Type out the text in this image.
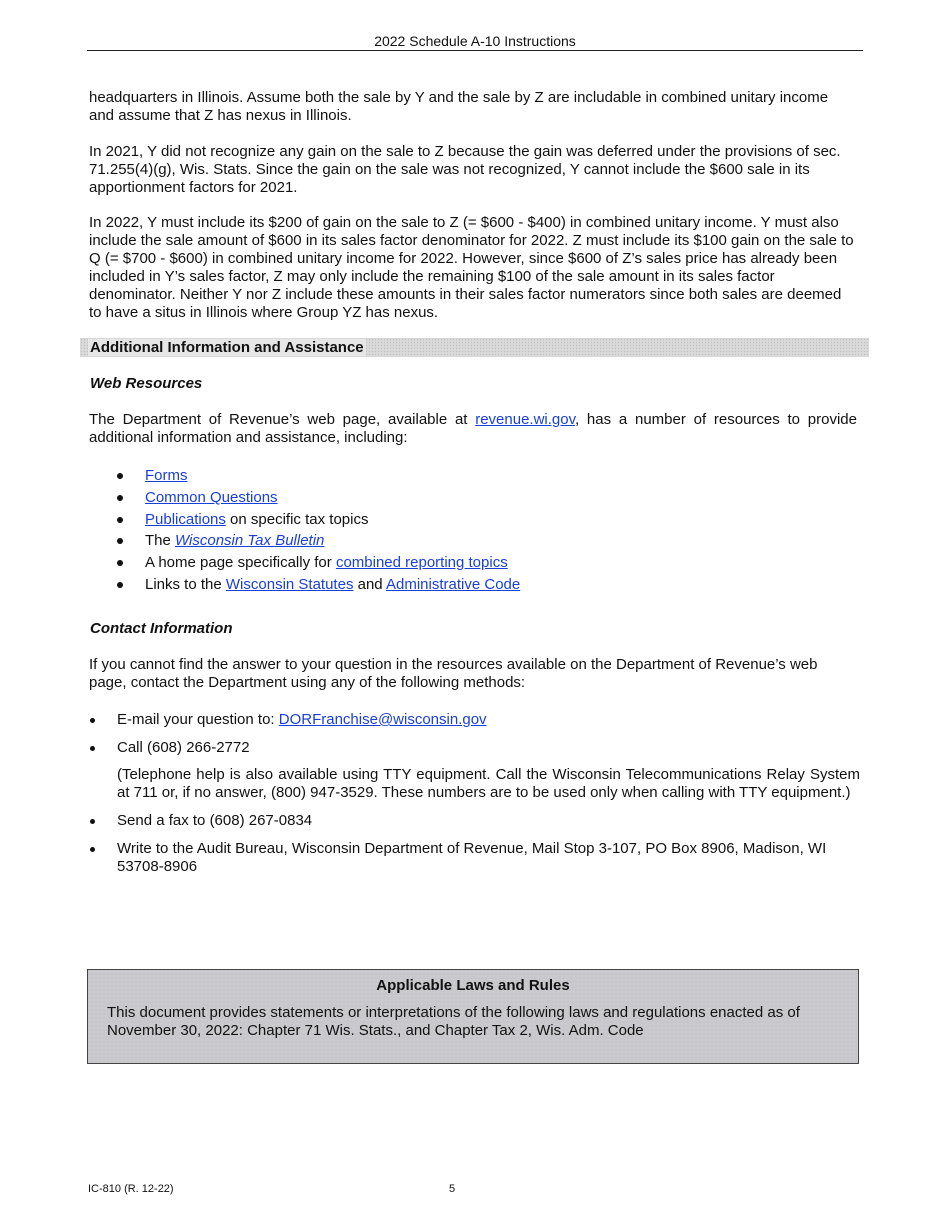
2022 Schedule A-10 Instructions

headquarters in Illinois. Assume both the sale by Y and the sale by Z are includable in combined unitary income and assume that Z has nexus in Illinois.

In 2021, Y did not recognize any gain on the sale to Z because the gain was deferred under the provisions of sec. 71.255(4)(g), Wis. Stats. Since the gain on the sale was not recognized, Y cannot include the $600 sale in its apportionment factors for 2021.

In 2022, Y must include its $200 of gain on the sale to Z (= $600 - $400) in combined unitary income. Y must also include the sale amount of $600 in its sales factor denominator for 2022. Z must include its $100 gain on the sale to Q (= $700 - $600) in combined unitary income for 2022. However, since $600 of Z’s sales price has already been included in Y’s sales factor, Z may only include the remaining $100 of the sale amount in its sales factor denominator. Neither Y nor Z include these amounts in their sales factor numerators since both sales are deemed to have a situs in Illinois where Group YZ has nexus.

Additional Information and Assistance
Web Resources

The Department of Revenue’s web page, available at revenue.wi.gov, has a number of resources to provide additional information and assistance, including:

Forms
Common Questions
Publications on specific tax topics
The Wisconsin Tax Bulletin
A home page specifically for combined reporting topics
Links to the Wisconsin Statutes and Administrative Code
Contact Information

If you cannot find the answer to your question in the resources available on the Department of Revenue’s web page, contact the Department using any of the following methods:

E-mail your question to: DORFranchise@wisconsin.gov
Call (608) 266-2772

(Telephone help is also available using TTY equipment. Call the Wisconsin Telecommunications Relay System at 711 or, if no answer, (800) 947-3529. These numbers are to be used only when calling with TTY equipment.)

Send a fax to (608) 267-0834
Write to the Audit Bureau, Wisconsin Department of Revenue, Mail Stop 3-107, PO Box 8906, Madison, WI 53708-8906
Applicable Laws and Rules

This document provides statements or interpretations of the following laws and regulations enacted as of November 30, 2022: Chapter 71 Wis. Stats., and Chapter Tax 2, Wis. Adm. Code

IC-810 (R. 12-22)	5
